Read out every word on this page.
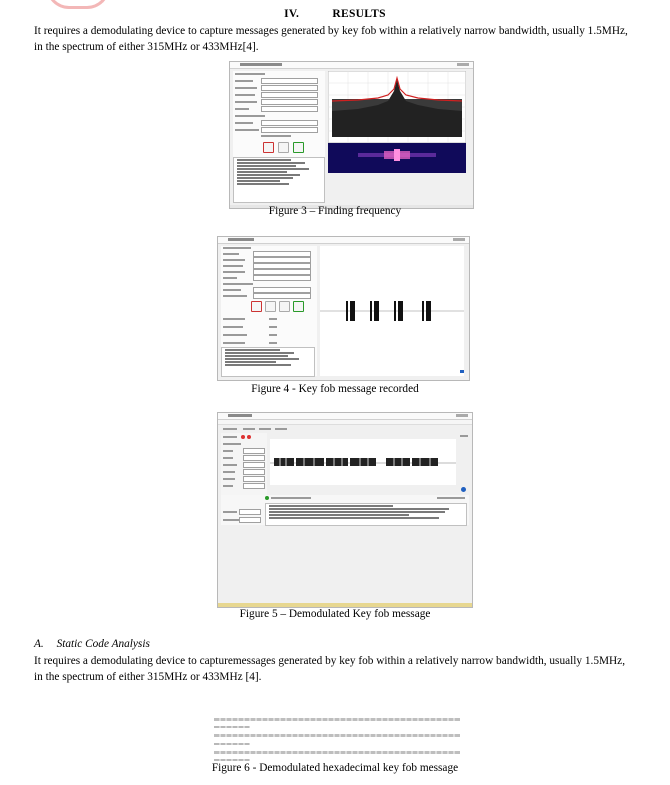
IV.	RESULTS
It requires a demodulating device to capture messages generated by key fob within a relatively narrow bandwidth, usually 1.5MHz,
in the spectrum of either 315MHz or 433MHz[4].
Figure 3 – Finding frequency
Figure 4 - Key fob message recorded
Figure 5 – Demodulated Key fob message
A. Static Code Analysis
It requires a demodulating device to capturemessages generated by key fob within a relatively narrow bandwidth, usually 1.5MHz,
in the spectrum of either 315MHz or 433MHz [4].
Figure 6 - Demodulated hexadecimal key fob message
